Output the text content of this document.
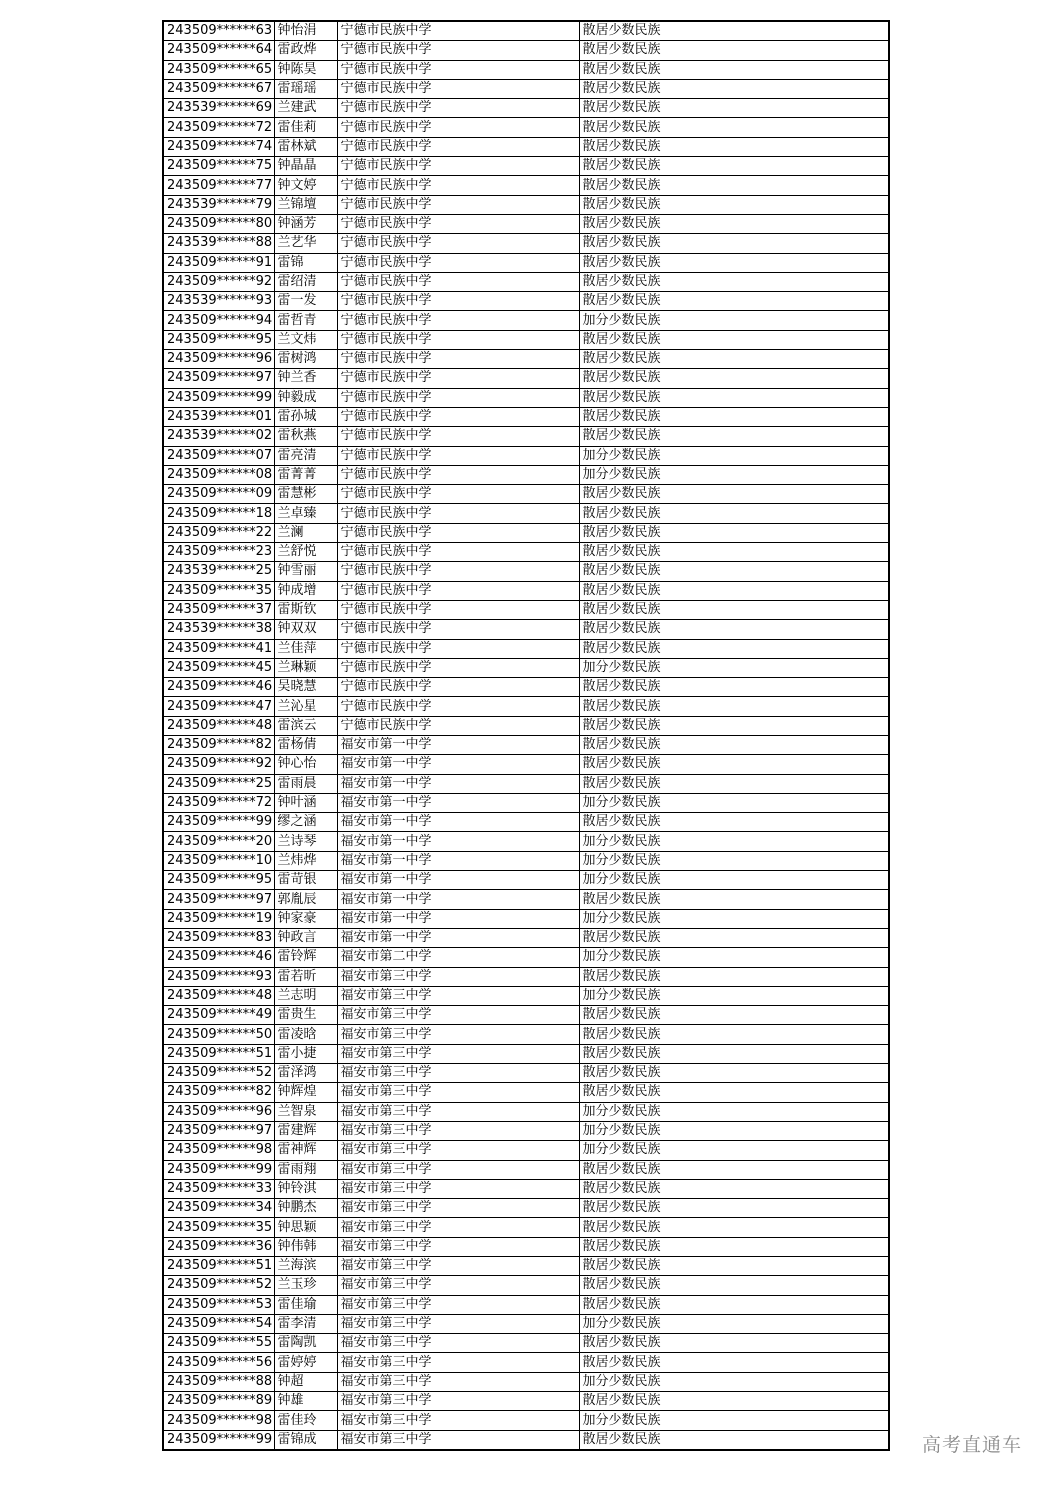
243509******63	钟怡涓	宁德市民族中学	散居少数民族
243509******64	雷政烨	宁德市民族中学	散居少数民族
243509******65	钟陈昊	宁德市民族中学	散居少数民族
243509******67	雷瑶瑶	宁德市民族中学	散居少数民族
243539******69	兰建武	宁德市民族中学	散居少数民族
243509******72	雷佳莉	宁德市民族中学	散居少数民族
243509******74	雷林斌	宁德市民族中学	散居少数民族
243509******75	钟晶晶	宁德市民族中学	散居少数民族
243509******77	钟文婷	宁德市民族中学	散居少数民族
243539******79	兰锦壇	宁德市民族中学	散居少数民族
243509******80	钟涵芳	宁德市民族中学	散居少数民族
243539******88	兰艺华	宁德市民族中学	散居少数民族
243509******91	雷锦	宁德市民族中学	散居少数民族
243509******92	雷绍清	宁德市民族中学	散居少数民族
243539******93	雷一发	宁德市民族中学	散居少数民族
243509******94	雷哲青	宁德市民族中学	加分少数民族
243509******95	兰文炜	宁德市民族中学	散居少数民族
243509******96	雷树鸿	宁德市民族中学	散居少数民族
243509******97	钟兰香	宁德市民族中学	散居少数民族
243509******99	钟毅成	宁德市民族中学	散居少数民族
243539******01	雷孙城	宁德市民族中学	散居少数民族
243539******02	雷秋燕	宁德市民族中学	散居少数民族
243509******07	雷亮清	宁德市民族中学	加分少数民族
243509******08	雷菁菁	宁德市民族中学	加分少数民族
243509******09	雷慧彬	宁德市民族中学	散居少数民族
243509******18	兰卓臻	宁德市民族中学	散居少数民族
243509******22	兰澜	宁德市民族中学	散居少数民族
243509******23	兰舒悦	宁德市民族中学	散居少数民族
243539******25	钟雪丽	宁德市民族中学	散居少数民族
243509******35	钟成增	宁德市民族中学	散居少数民族
243509******37	雷斯钦	宁德市民族中学	散居少数民族
243539******38	钟双双	宁德市民族中学	散居少数民族
243509******41	兰佳萍	宁德市民族中学	散居少数民族
243509******45	兰琳颖	宁德市民族中学	加分少数民族
243509******46	吴晓慧	宁德市民族中学	散居少数民族
243509******47	兰沁星	宁德市民族中学	散居少数民族
243509******48	雷滨云	宁德市民族中学	散居少数民族
243509******82	雷杨倩	福安市第一中学	散居少数民族
243509******92	钟心怡	福安市第一中学	散居少数民族
243509******25	雷雨晨	福安市第一中学	散居少数民族
243509******72	钟叶涵	福安市第一中学	加分少数民族
243509******99	缪之涵	福安市第一中学	散居少数民族
243509******20	兰诗琴	福安市第一中学	加分少数民族
243509******10	兰炜烨	福安市第一中学	加分少数民族
243509******95	雷苛银	福安市第一中学	加分少数民族
243509******97	郭胤辰	福安市第一中学	散居少数民族
243509******19	钟家豪	福安市第一中学	加分少数民族
243509******83	钟政言	福安市第一中学	散居少数民族
243509******46	雷铃辉	福安市第二中学	加分少数民族
243509******93	雷若昕	福安市第三中学	散居少数民族
243509******48	兰志明	福安市第三中学	加分少数民族
243509******49	雷贵生	福安市第三中学	散居少数民族
243509******50	雷凌晗	福安市第三中学	散居少数民族
243509******51	雷小捷	福安市第三中学	散居少数民族
243509******52	雷泽鸿	福安市第三中学	散居少数民族
243509******82	钟辉煌	福安市第三中学	散居少数民族
243509******96	兰智泉	福安市第三中学	加分少数民族
243509******97	雷建辉	福安市第三中学	加分少数民族
243509******98	雷神辉	福安市第三中学	加分少数民族
243509******99	雷雨翔	福安市第三中学	散居少数民族
243509******33	钟铃淇	福安市第三中学	散居少数民族
243509******34	钟鹏杰	福安市第三中学	散居少数民族
243509******35	钟思颖	福安市第三中学	散居少数民族
243509******36	钟伟韩	福安市第三中学	散居少数民族
243509******51	兰海滨	福安市第三中学	散居少数民族
243509******52	兰玉珍	福安市第三中学	散居少数民族
243509******53	雷佳瑜	福安市第三中学	散居少数民族
243509******54	雷李清	福安市第三中学	加分少数民族
243509******55	雷陶凯	福安市第三中学	散居少数民族
243509******56	雷婷婷	福安市第三中学	散居少数民族
243509******88	钟超	福安市第三中学	加分少数民族
243509******89	钟雄	福安市第三中学	散居少数民族
243509******98	雷佳玲	福安市第三中学	加分少数民族
243509******99	雷锦成	福安市第三中学	散居少数民族	高考直通车
